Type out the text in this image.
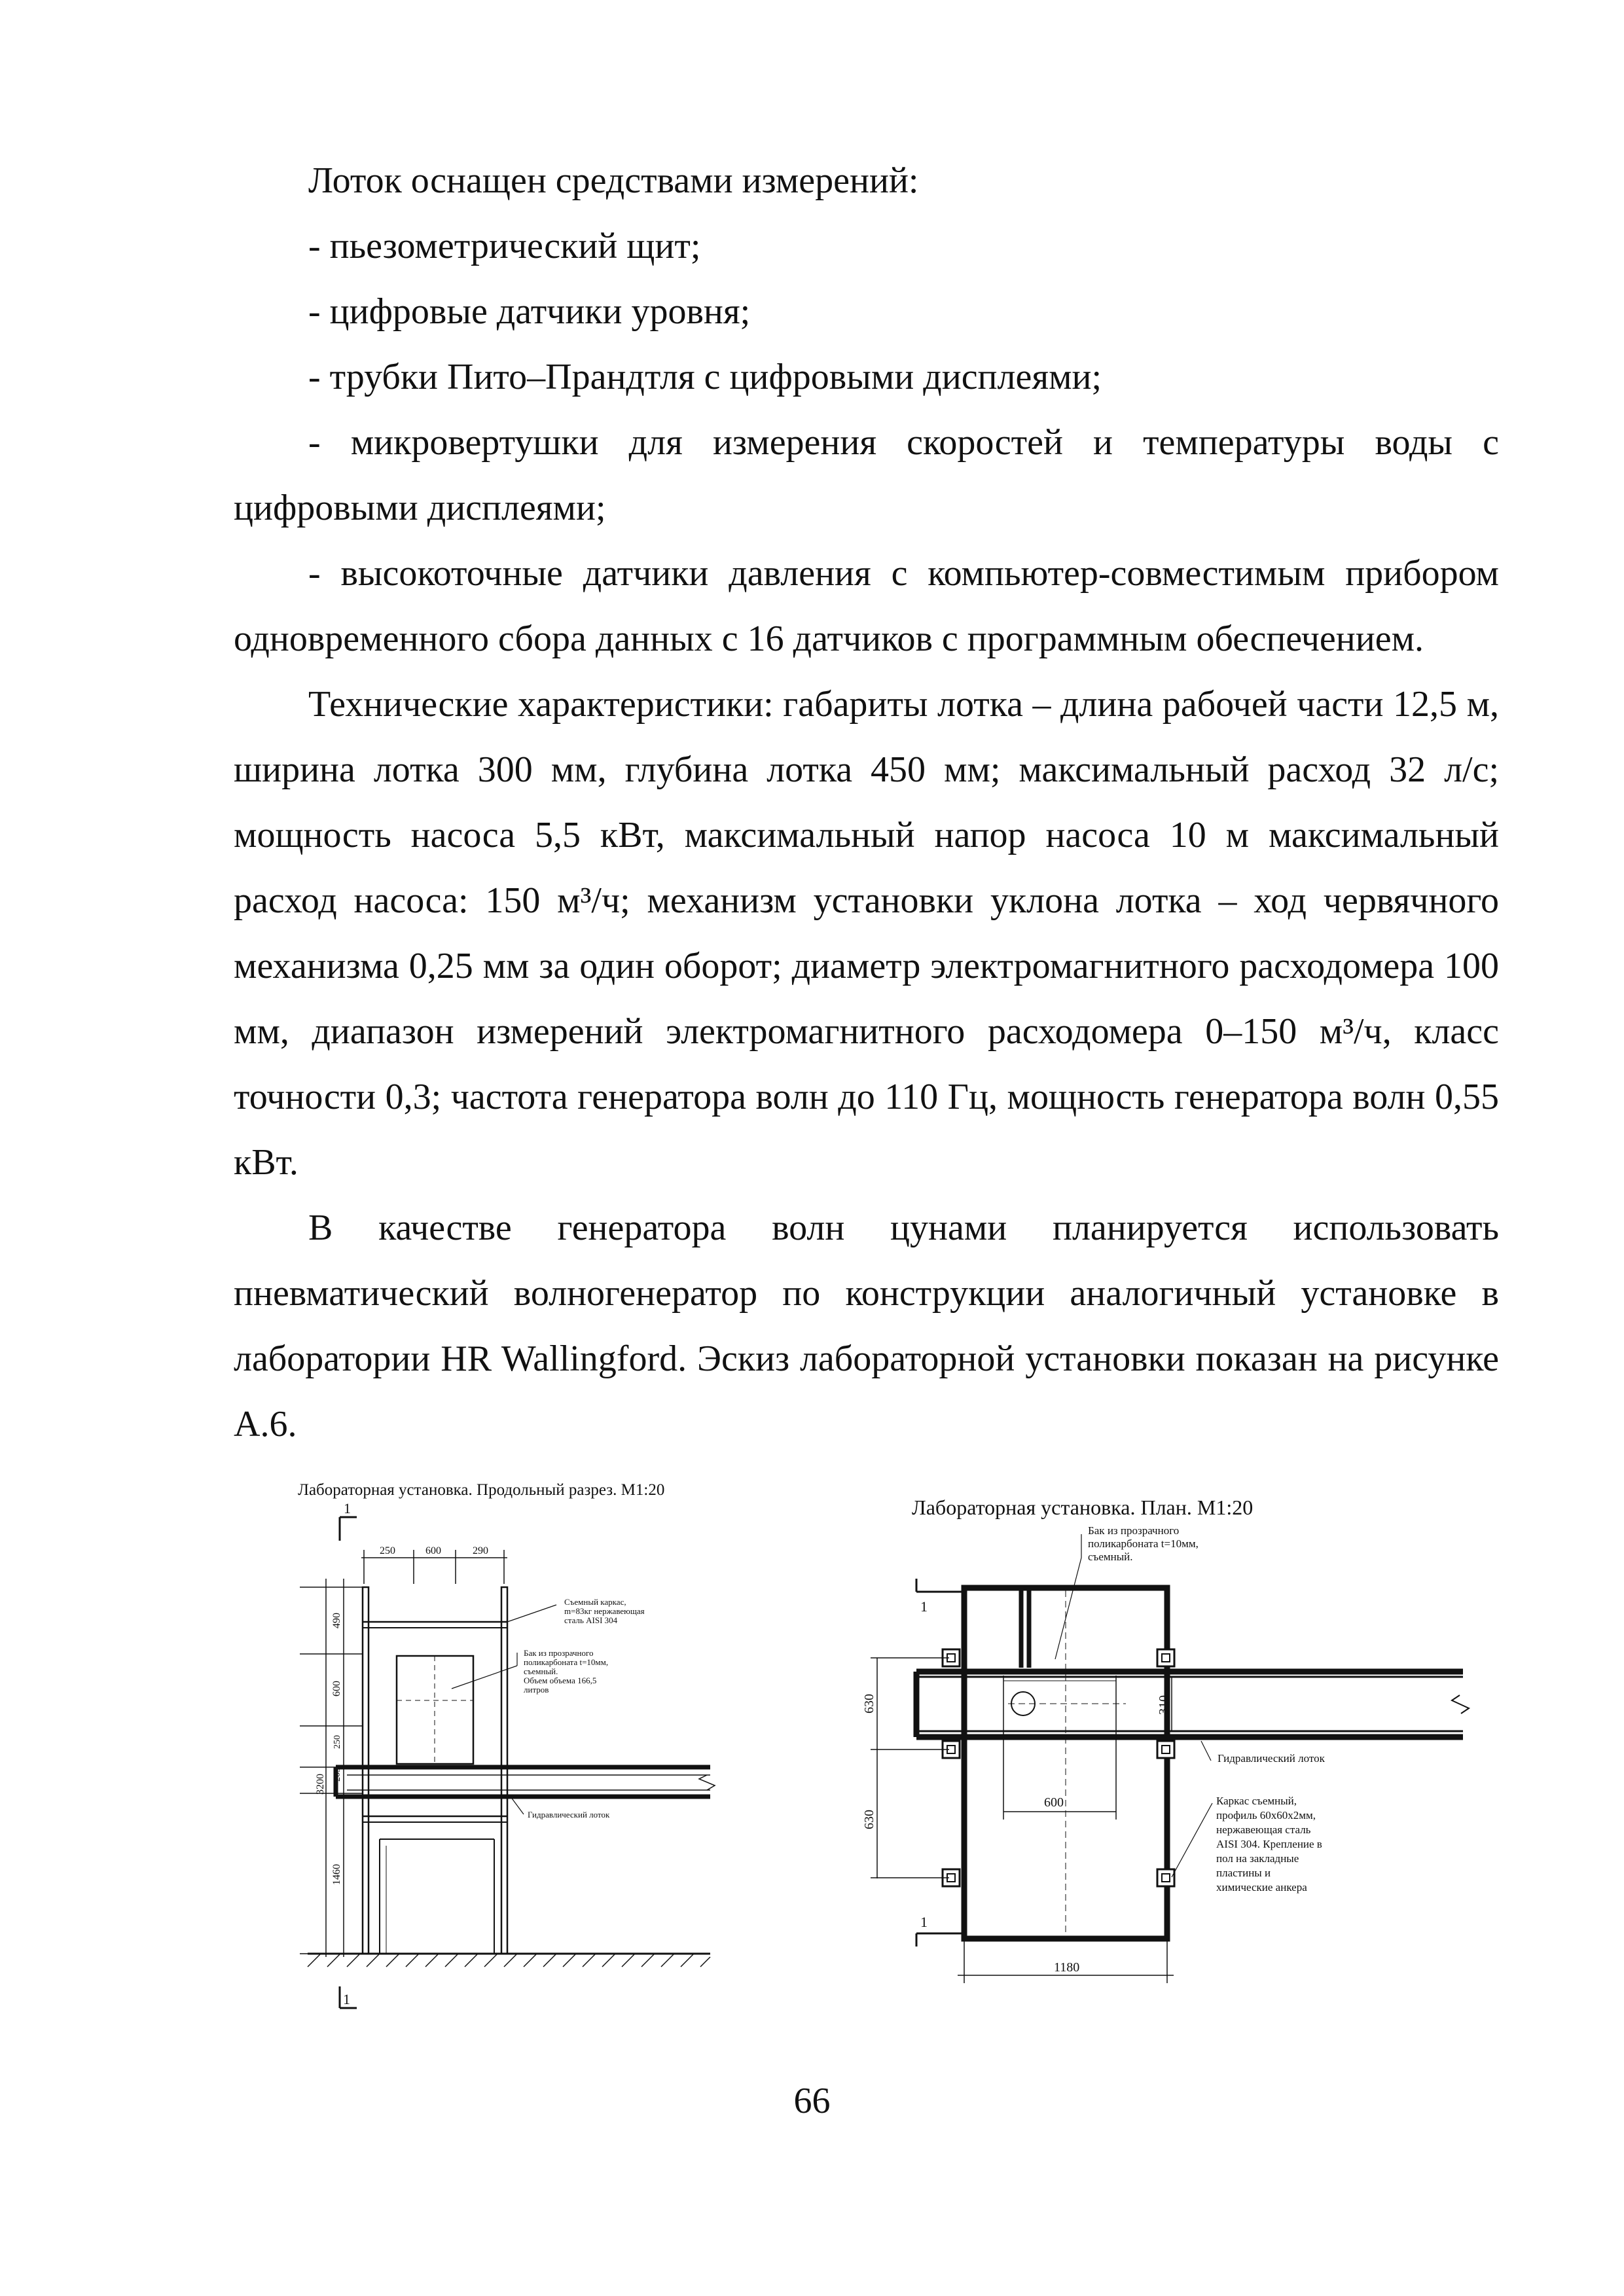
Лоток оснащен средствами измерений:

- пьезометрический щит;

- цифровые датчики уровня;

- трубки Пито–Прандтля с цифровыми дисплеями;

- микровертушки для измерения скоростей и температуры воды с цифровыми дисплеями;

- высокоточные датчики давления с компьютер-совместимым прибором одновременного сбора данных с 16 датчиков с программным обеспечением.

Технические характеристики: габариты лотка – длина рабочей части 12,5 м, ширина лотка 300 мм, глубина лотка 450 мм; максимальный расход 32 л/с; мощность насоса 5,5 кВт, максимальный напор насоса 10 м максимальный расход насоса: 150 м³/ч; механизм установки уклона лотка – ход червячного механизма 0,25 мм за один оборот; диаметр электромагнитного расходомера 100 мм, диапазон измерений электромагнитного расходомера 0–150 м³/ч, класс точности 0,3; частота генератора волн до 110 Гц, мощность генератора волн 0,55 кВт.

В качестве генератора волн цунами планируется использовать пневматический волногенератор по конструкции аналогичный установке в лаборатории HR Wallingford. Эскиз лабораторной установки показан на рисунке А.6.

Лабораторная установка. Продольный разрез. М1:20
1
1
250	600	290
490
600
250
205
1460
3200
Съемный каркас,
m=83кг нержавеющая
сталь AISI 304
Бак из прозрачного
поликарбоната t=10мм,
съемный.
Объем объема 166,5
литров
Гидравлический лоток
Лабораторная установка. План. М1:20
Бак из прозрачного
поликарбоната t=10мм,
съемный.
1
1
630
630
310
600
1180
Гидравлический лоток
Каркас съемный,
профиль 60х60х2мм,
нержавеющая сталь
AISI 304. Крепление в
пол на закладные
пластины и
химические анкера
66
